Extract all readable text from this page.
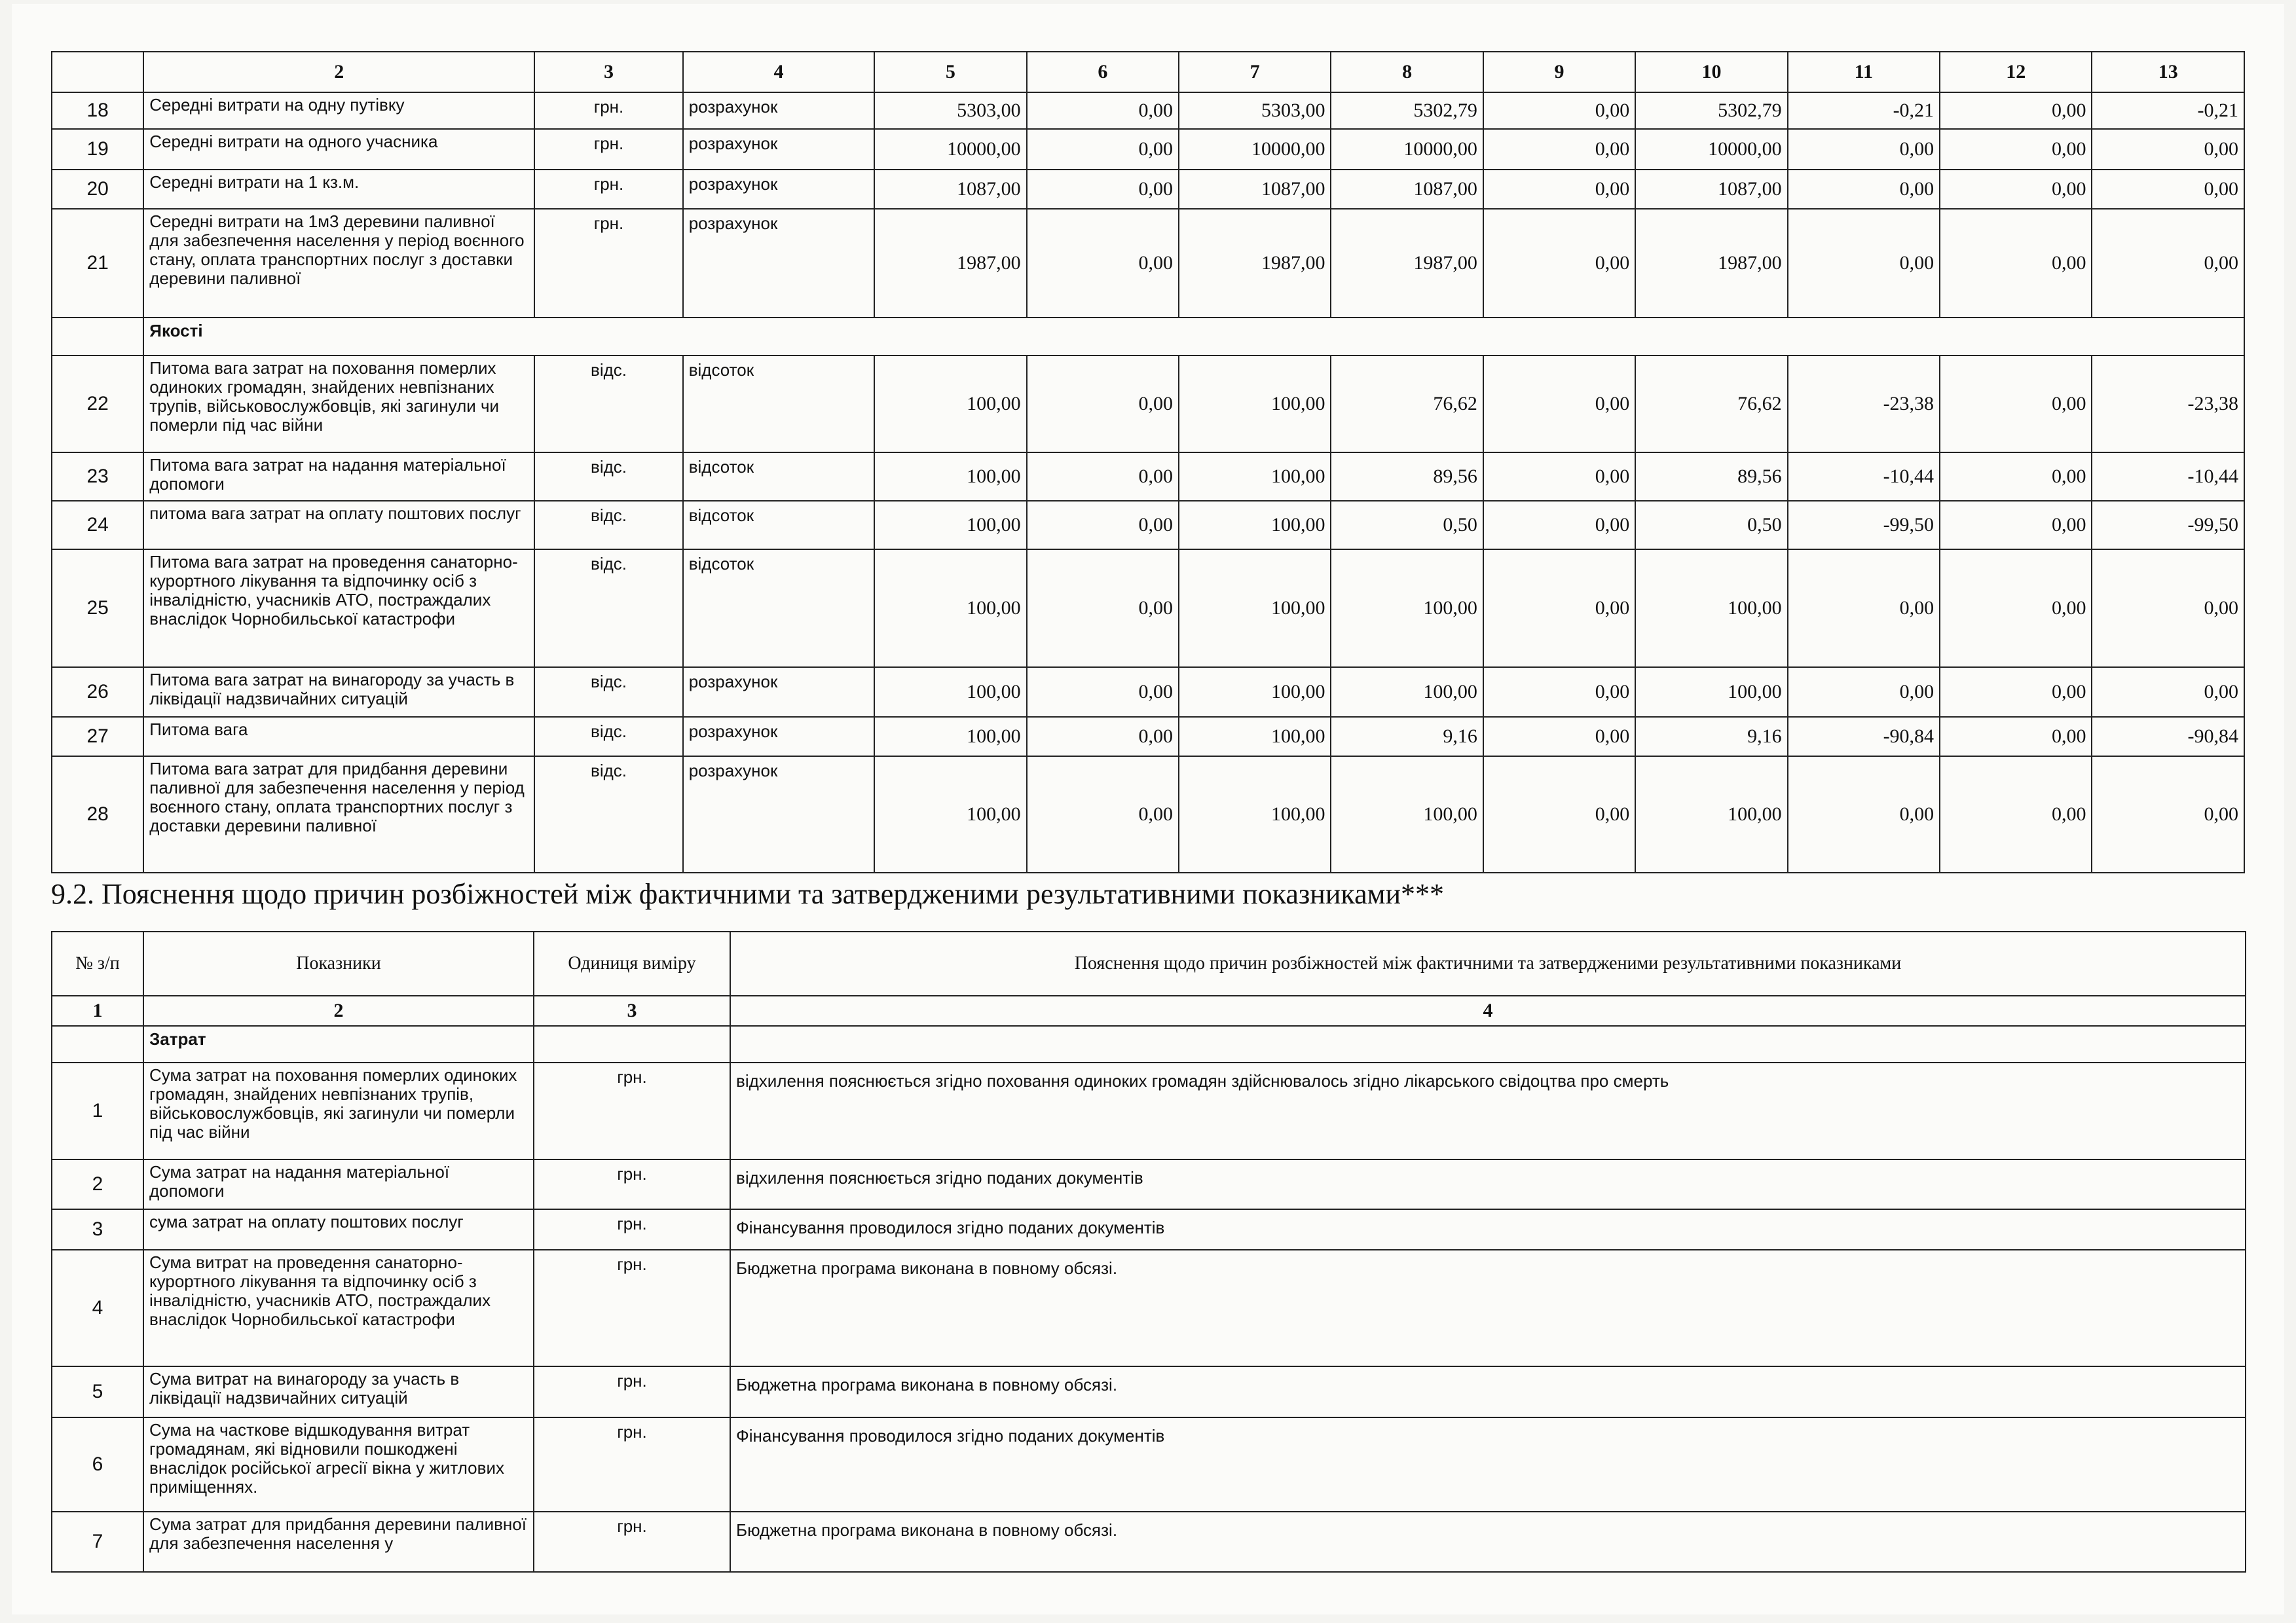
	2	3	4	5	6	7	8	9	10	11	12	13
18	Середні витрати на одну путівку	грн.	розрахунок	5303,00	0,00	5303,00	5302,79	0,00	5302,79	-0,21	0,00	-0,21
19	Середні витрати на одного учасника	грн.	розрахунок	10000,00	0,00	10000,00	10000,00	0,00	10000,00	0,00	0,00	0,00
20	Середні витрати на 1 кз.м.	грн.	розрахунок	1087,00	0,00	1087,00	1087,00	0,00	1087,00	0,00	0,00	0,00
21	Середні витрати на 1м3 деревини паливної для забезпечення населення у період воєнного стану, оплата транспортних послуг з доставки деревини паливної	грн.	розрахунок	1987,00	0,00	1987,00	1987,00	0,00	1987,00	0,00	0,00	0,00
	Якості											
22	Питома вага затрат на поховання померлих одиноких громадян, знайдених невпізнаних трупів, військовослужбовців, які загинули чи померли під час війни	відс.	відсоток	100,00	0,00	100,00	76,62	0,00	76,62	-23,38	0,00	-23,38
23	Питома вага затрат на надання матеріальної допомоги	відс.	відсоток	100,00	0,00	100,00	89,56	0,00	89,56	-10,44	0,00	-10,44
24	питома вага затрат на оплату поштових послуг	відс.	відсоток	100,00	0,00	100,00	0,50	0,00	0,50	-99,50	0,00	-99,50
25	Питома вага затрат на проведення санаторно-курортного лікування та відпочинку осіб з інвалідністю, учасників АТО, постраждалих внаслідок Чорнобильської катастрофи	відс.	відсоток	100,00	0,00	100,00	100,00	0,00	100,00	0,00	0,00	0,00
26	Питома вага затрат на винагороду за участь в ліквідації надзвичайних ситуацій	відс.	розрахунок	100,00	0,00	100,00	100,00	0,00	100,00	0,00	0,00	0,00
27	Питома вага	відс.	розрахунок	100,00	0,00	100,00	9,16	0,00	9,16	-90,84	0,00	-90,84
28	Питома вага затрат для придбання деревини паливної для забезпечення населення у період воєнного стану, оплата транспортних послуг з доставки деревини паливної	відс.	розрахунок	100,00	0,00	100,00	100,00	0,00	100,00	0,00	0,00	0,00
9.2. Пояснення щодо причин розбіжностей між фактичними та затвердженими результативними показниками***
№ з/п	Показники	Одиниця виміру	Пояснення щодо причин розбіжностей між фактичними та затвердженими результативними показниками
1	2	3	4
	Затрат		
1	Сума затрат на поховання померлих одиноких громадян, знайдених невпізнаних трупів, військовослужбовців, які загинули чи померли під час війни	грн.	відхилення пояснюється згідно поховання одиноких громадян здійснювалось згідно лікарського свідоцтва про смерть
2	Сума затрат на надання матеріальної допомоги	грн.	відхилення пояснюється згідно поданих документів
3	сума затрат на оплату поштових послуг	грн.	Фінансування проводилося згідно поданих документів
4	Сума витрат на проведення санаторно-курортного лікування та відпочинку осіб з інвалідністю, учасників АТО, постраждалих внаслідок Чорнобильської катастрофи	грн.	Бюджетна програма виконана в повному обсязі.
5	Сума витрат на винагороду за участь в ліквідації надзвичайних ситуацій	грн.	Бюджетна програма виконана в повному обсязі.
6	Сума на часткове відшкодування витрат громадянам, які відновили пошкоджені внаслідок російської агресії вікна у житлових приміщеннях.	грн.	Фінансування проводилося згідно поданих документів
7	Сума затрат для придбання деревини паливної для забезпечення населення у	грн.	Бюджетна програма виконана в повному обсязі.
